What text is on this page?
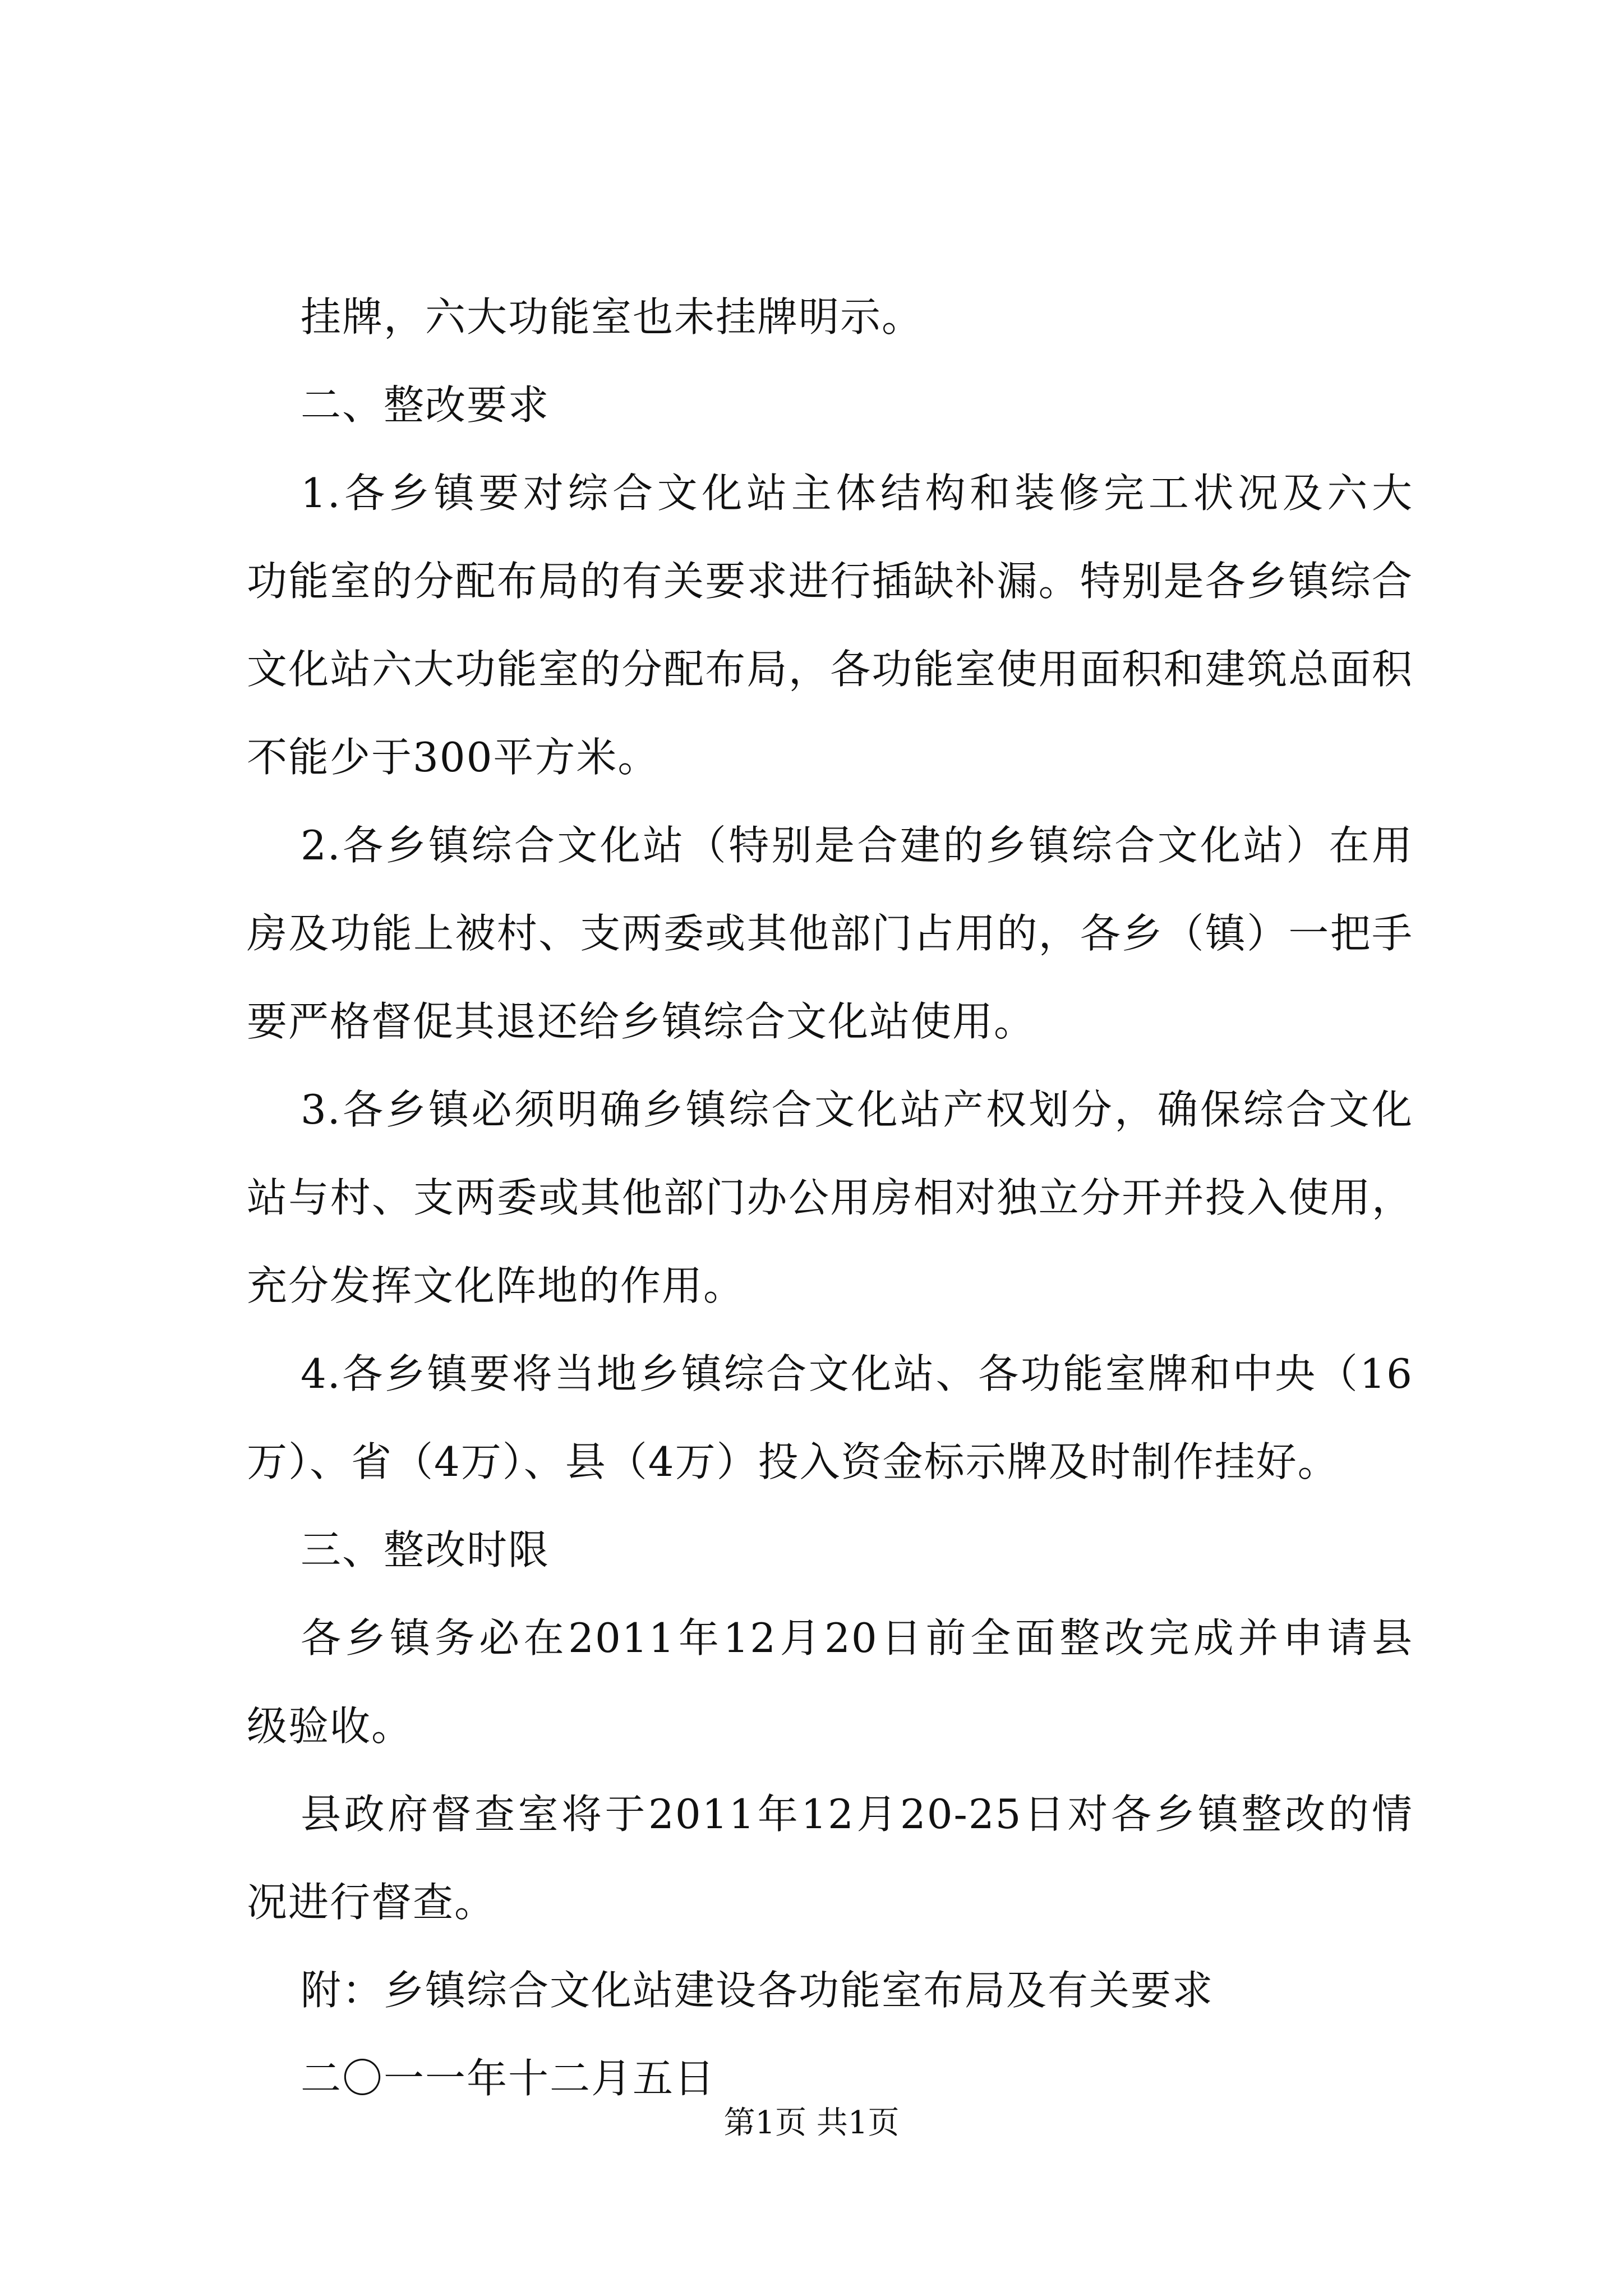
挂牌，六大功能室也未挂牌明示。
二、整改要求
1.各乡镇要对综合文化站主体结构和装修完工状况及六大
功能室的分配布局的有关要求进行插缺补漏。特别是各乡镇综合
文化站六大功能室的分配布局，各功能室使用面积和建筑总面积
不能少于300平方米。
2.各乡镇综合文化站（特别是合建的乡镇综合文化站）在用
房及功能上被村、支两委或其他部门占用的，各乡（镇）一把手
要严格督促其退还给乡镇综合文化站使用。
3.各乡镇必须明确乡镇综合文化站产权划分，确保综合文化
站与村、支两委或其他部门办公用房相对独立分开并投入使用，
充分发挥文化阵地的作用。
4.各乡镇要将当地乡镇综合文化站、各功能室牌和中央（16
万）、省（4万）、县（4万）投入资金标示牌及时制作挂好。
三、整改时限
各乡镇务必在2011年12月20日前全面整改完成并申请县
级验收。
县政府督查室将于2011年12月20-25日对各乡镇整改的情
况进行督查。
附：乡镇综合文化站建设各功能室布局及有关要求
二〇一一年十二月五日
第1页 共1页
